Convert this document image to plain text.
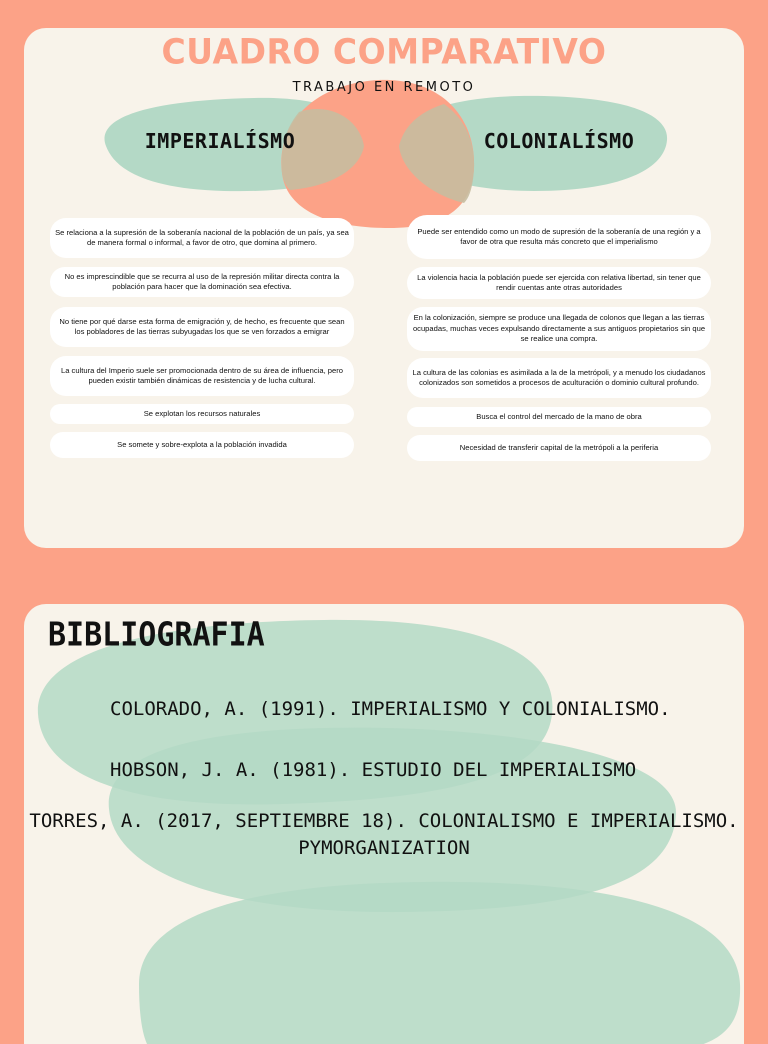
CUADRO COMPARATIVO
TRABAJO EN REMOTO
IMPERIALÍSMO	COLONIALÍSMO
Se relaciona a la supresión de la soberanía nacional de la población de un país, ya sea de manera formal o informal, a favor de otro, que domina al primero.
No es imprescindible que se recurra al uso de la represión militar directa contra la población para hacer que la dominación sea efectiva.
No tiene por qué darse esta forma de emigración y, de hecho, es frecuente que sean los pobladores de las tierras subyugadas los que se ven forzados a emigrar
La cultura del Imperio suele ser promocionada dentro de su área de influencia, pero pueden existir también dinámicas de resistencia y de lucha cultural.
Se explotan los recursos naturales
Se somete y sobre-explota a la población invadida
Puede ser entendido como un modo de supresión de la soberanía de una región y a favor de otra que resulta más concreto que el imperialismo
La violencia hacia la población puede ser ejercida con relativa libertad, sin tener que rendir cuentas ante otras autoridades
En la colonización, siempre se produce una llegada de colonos que llegan a las tierras ocupadas, muchas veces expulsando directamente a sus antiguos propietarios sin que se realice una compra.
La cultura de las colonias es asimilada a la de la metrópoli, y a menudo los ciudadanos colonizados son sometidos a procesos de aculturación o dominio cultural profundo.
Busca el control del mercado de la mano de obra
Necesidad de transferir capital de la metrópoli a la periferia
BIBLIOGRAFIA
COLORADO, A. (1991). IMPERIALISMO Y COLONIALISMO.
HOBSON, J. A. (1981). ESTUDIO DEL IMPERIALISMO
TORRES, A. (2017, SEPTIEMBRE 18). COLONIALISMO E IMPERIALISMO.
PYMORGANIZATION
